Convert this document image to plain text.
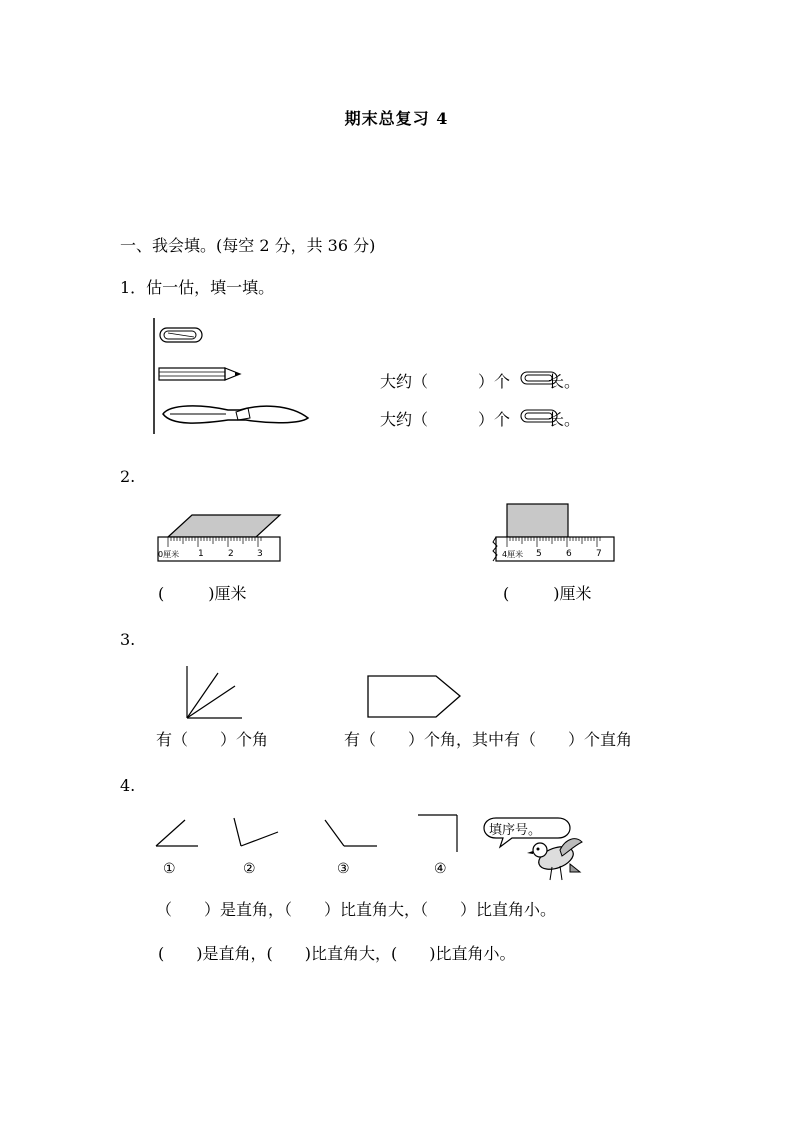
期末总复习 4
一、我会填。(每空 2 分，共 36 分)
1．估一估，填一填。
大约（	）个 长。
大约（	）个 长。
2.
0厘米 1	2	3	4厘米 5	6	7
(	)厘米	(	)厘米
3.
有（　　）个角	有（　　）个角，其中有（　　）个直角
4.
①	②	③	④
填序号。
（　　）是直角，（　　）比直角大，（　　）比直角小。
(　　)是直角，(　　)比直角大，(　　)比直角小。
